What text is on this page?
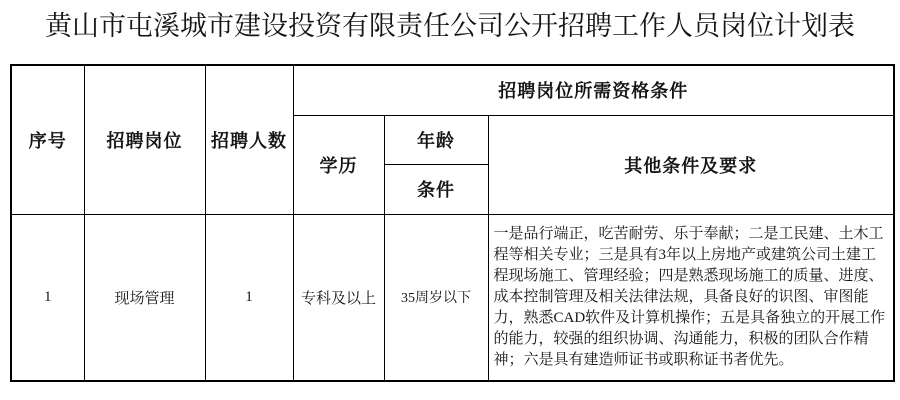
黄山市屯溪城市建设投资有限责任公司公开招聘工作人员岗位计划表
序号	招聘岗位	招聘人数	招聘岗位所需资格条件		
			学历	年龄	其他条件及要求
				条件	
1	现场管理	1	专科及以上	35周岁以下	一是品行端正，吃苦耐劳、乐于奉献；二是工民建、土木工程等相关专业；三是具有3年以上房地产或建筑公司土建工程现场施工、管理经验；四是熟悉现场施工的质量、进度、成本控制管理及相关法律法规，具备良好的识图、审图能力，熟悉CAD软件及计算机操作；五是具备独立的开展工作的能力，较强的组织协调、沟通能力，积极的团队合作精神；六是具有建造师证书或职称证书者优先。
